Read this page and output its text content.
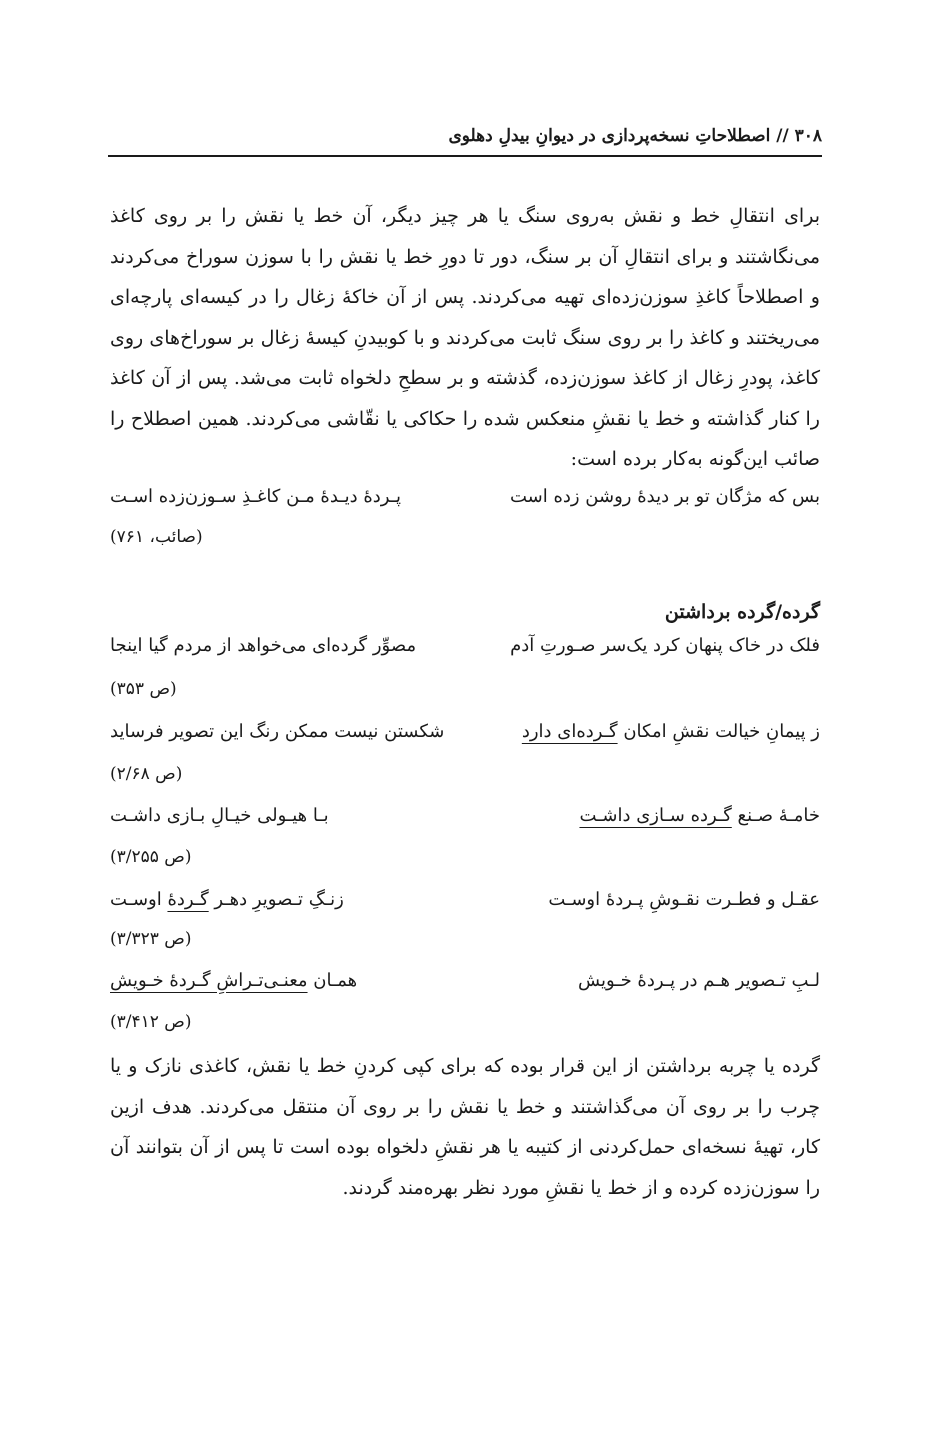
۳۰۸ // اصطلاحاتِ نسخه‌پردازی در دیوانِ بیدلِ دهلوی

برای انتقالِ خط و نقش به‌روی سنگ یا هر چیز دیگر، آن خط یا نقش را بر روی کاغذ می‌نگاشتند و برای انتقالِ آن بر سنگ، دور تا دورِ خط یا نقش را با سوزن سوراخ می‌کردند و اصطلاحاً کاغذِ سوزن‌زده‌ای تهیه می‌کردند. پس از آن خاکهٔ زغال را در کیسه‌ای پارچه‌ای می‌ریختند و کاغذ را بر روی سنگ ثابت می‌کردند و با کوبیدنِ کیسهٔ زغال بر سوراخ‌های روی کاغذ، پودرِ زغال از کاغذ سوزن‌زده، گذشته و بر سطحِ دلخواه ثابت می‌شد. پس از آن کاغذ را کنار گذاشته و خط یا نقشِ منعکس شده را حکاکی یا نقّاشی می‌کردند. همین اصطلاح را صائب این‌گونه به‌کار برده است:

بس که مژگان تو بر دیدهٔ روشن زده است
پـردهٔ دیـدهٔ مـن کاغـذِ سـوزن‌زده اسـت
(صائب، ۷۶۱)
گرده/گرده برداشتن
فلک در خاک پنهان کرد یک‌سر صـورتِ آدم
مصوِّر گرده‌ای می‌خواهد از مردم گیا اینجا
(ص ۳۵۳)
ز پیمانِ خیالت نقشِ امکان گـرده‌ای دارد
شکستن نیست ممکن رنگ این تصویر فرساید
(ص ۲/۶۸)
خامـهٔ صـنع گـرده سـازی داشـت
بـا هیـولی خیـالِ بـازی داشـت
(ص ۳/۲۵۵)
عقـل و فطـرت نقـوشِ پـردهٔ اوسـت
زنـگِ تـصویرِ دهـر گـردهٔ اوسـت
(ص ۳/۳۲۳)
لـبِ تـصویر هـم در پـردهٔ خـویش
همـان معنـی‌تـراشِ گـردهٔ خـویش
(ص ۳/۴۱۲)

گرده یا چربه برداشتن از این قرار بوده که برای کپی کردنِ خط یا نقش، کاغذی نازک و یا چرب را بر روی آن می‌گذاشتند و خط یا نقش را بر روی آن منتقل می‌کردند. هدف ازین کار، تهیهٔ نسخه‌ای حمل‌کردنی از کتیبه یا هر نقشِ دلخواه بوده است تا پس از آن بتوانند آن را سوزن‌زده کرده و از خط یا نقشِ مورد نظر بهره‌مند گردند.
